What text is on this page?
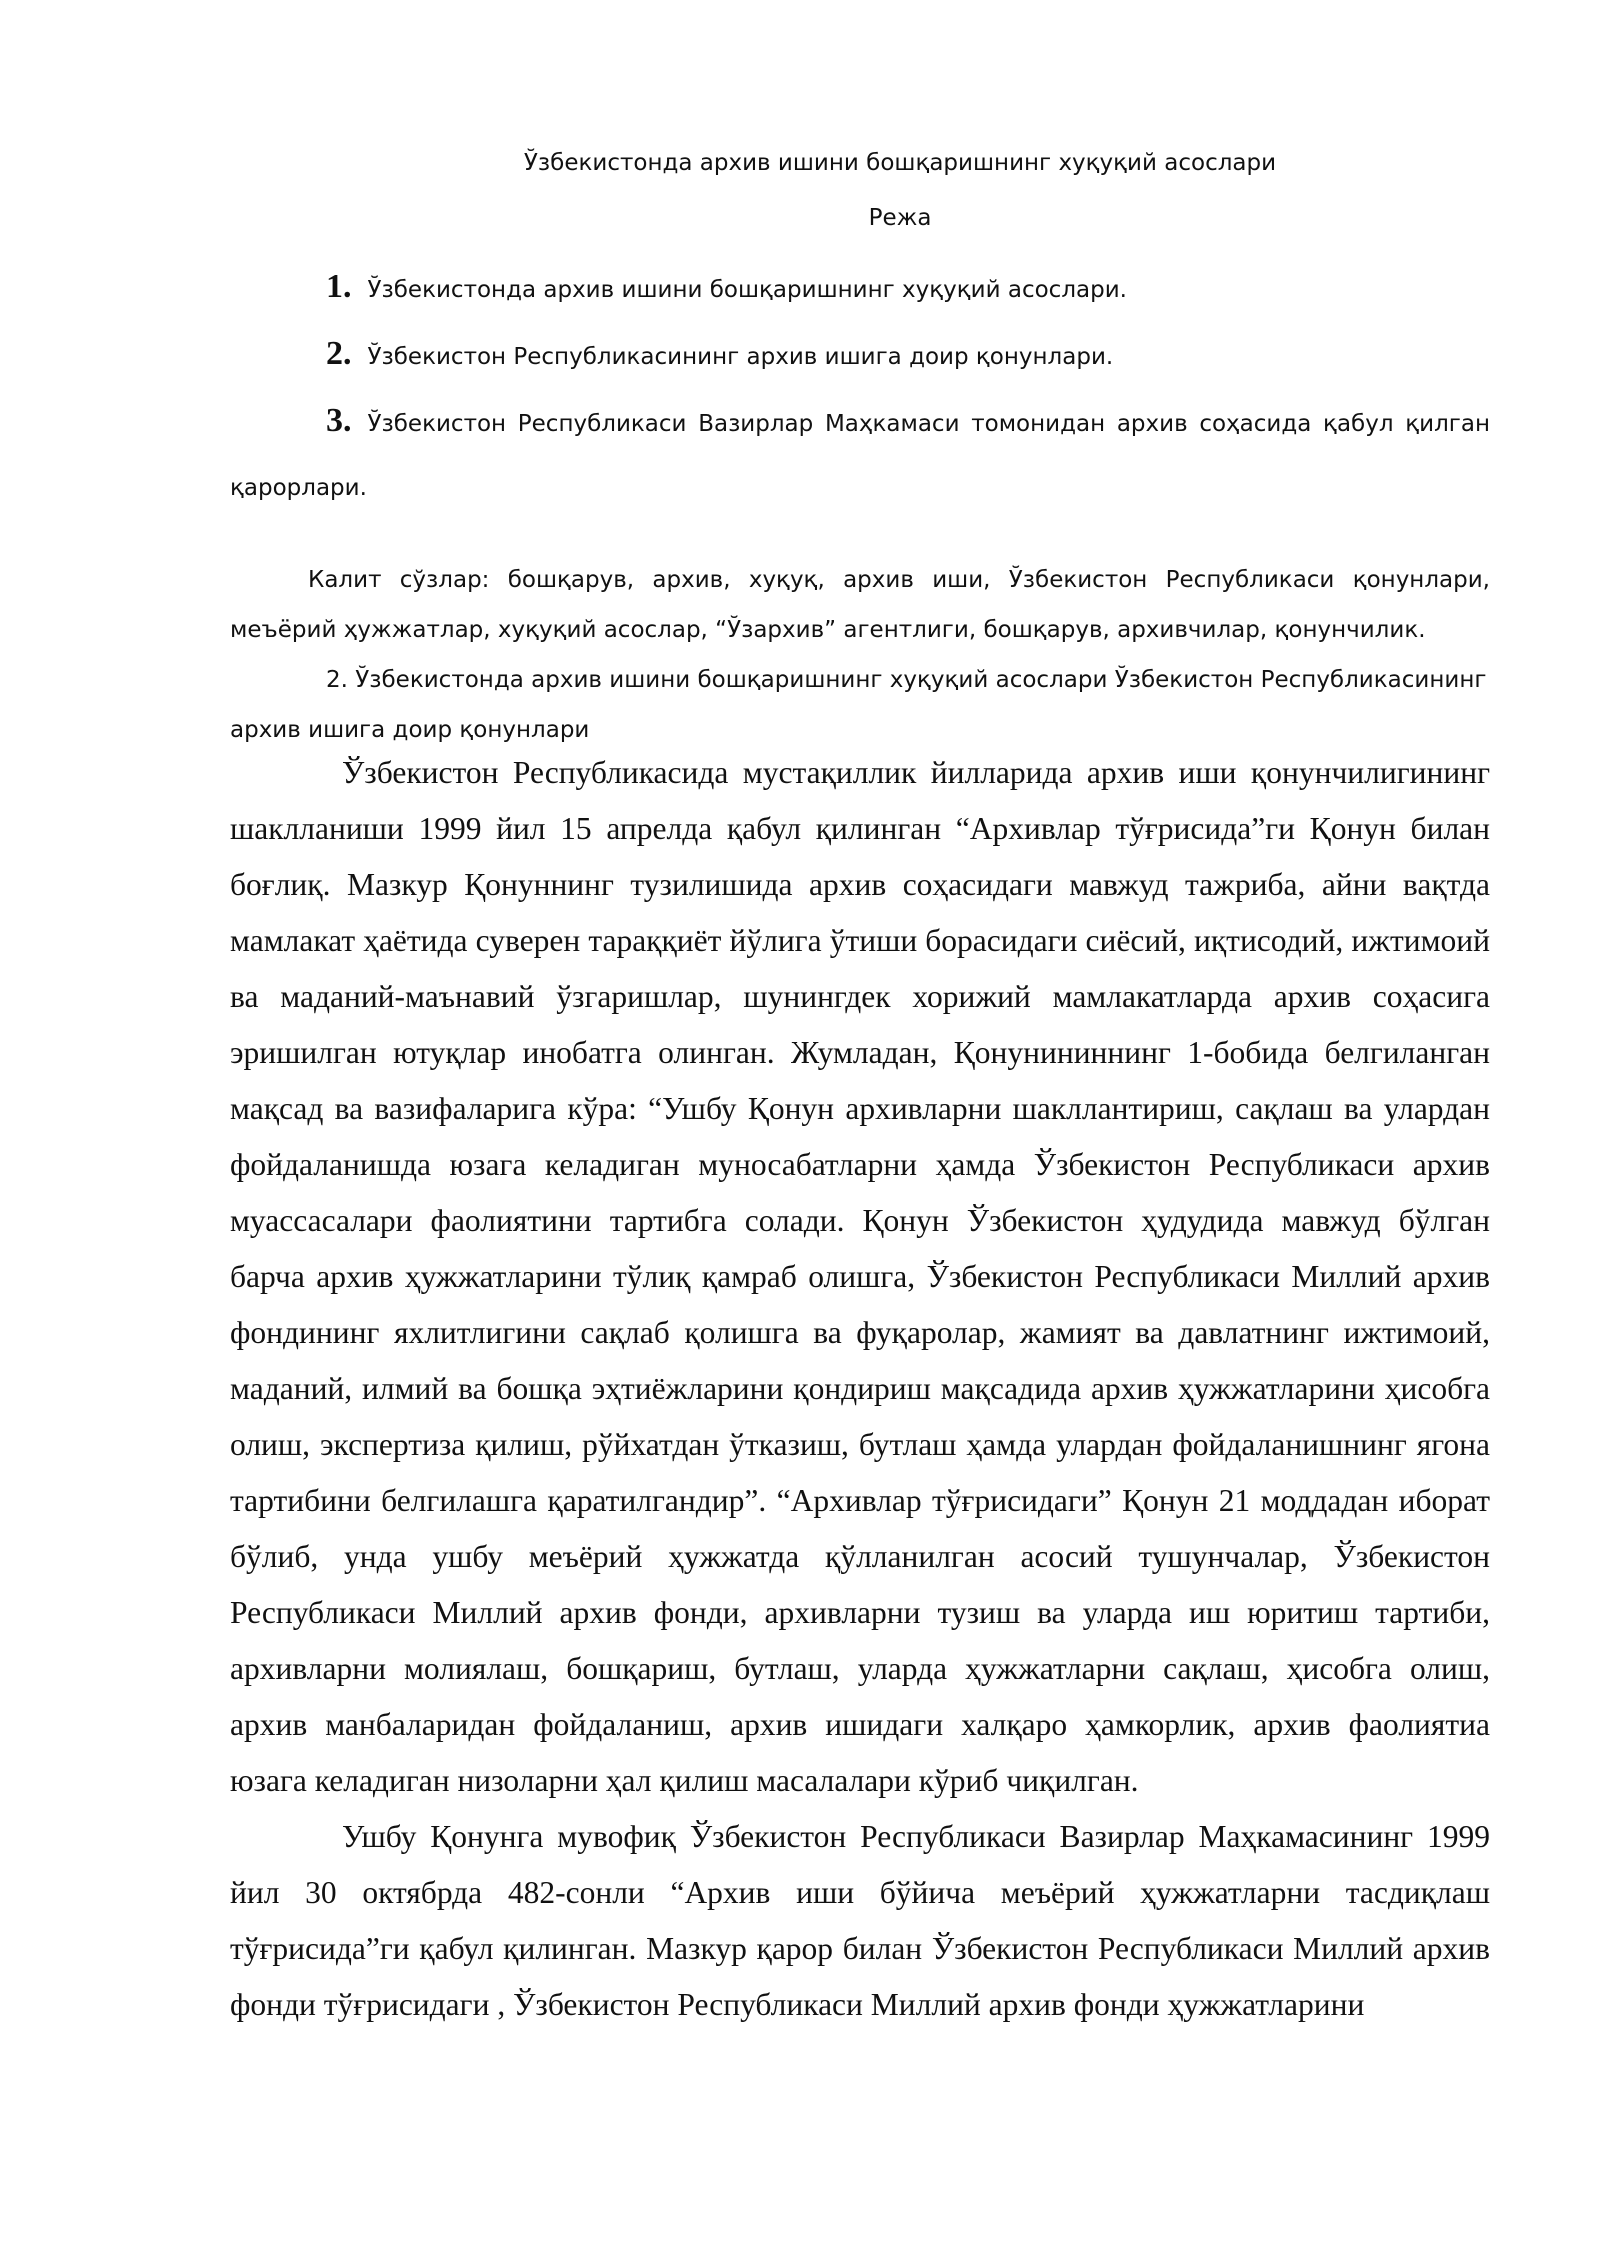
Ўзбекистонда архив ишини бошқаришнинг хуқуқий асослари
Режа
1. Ўзбекистонда архив ишини бошқаришнинг хуқуқий асослари.
2. Ўзбекистон Республикасининг архив ишига доир қонунлари.
3. Ўзбекистон Республикаси Вазирлар Маҳкамаси томонидан архив соҳасида қабул қилган қарорлари.
Калит сўзлар: бошқарув, архив, хуқуқ, архив иши, Ўзбекистон Республикаси қонунлари, меъёрий ҳужжатлар, хуқуқий асослар, “Ўзархив” агентлиги, бошқарув, архивчилар, қонунчилик.
2. Ўзбекистонда архив ишини бошқаришнинг хуқуқий асослари Ўзбекистон Республикасининг архив ишига доир қонунлари

Ўзбекистон Республикасида мустақиллик йилларида архив иши қонунчилигининг шаклланиши 1999 йил 15 апрелда қабул қилинган “Архивлар тўғрисида”ги Қонун билан боғлиқ. Мазкур Қонуннинг тузилишида архив соҳасидаги мавжуд тажриба, айни вақтда мамлакат ҳаётида суверен тараққиёт йўлига ўтиши борасидаги сиёсий, иқтисодий, ижтимоий ва маданий-маънавий ўзгаришлар, шунингдек хорижий мамлакатларда архив соҳасига эришилган ютуқлар инобатга олинган. Жумладан, Қонунининнинг 1-бобида белгиланган мақсад ва вазифаларига кўра: “Ушбу Қонун архивларни шакллантириш, сақлаш ва улардан фойдаланишда юзага келадиган муносабатларни ҳамда Ўзбекистон Республикаси архив муассасалари фаолиятини тартибга солади. Қонун Ўзбекистон ҳудудида мавжуд бўлган барча архив ҳужжатларини тўлиқ қамраб олишга, Ўзбекистон Республикаси Миллий архив фондининг яхлитлигини сақлаб қолишга ва фуқаролар, жамият ва давлатнинг ижтимоий, маданий, илмий ва бошқа эҳтиёжларини қондириш мақсадида архив ҳужжатларини ҳисобга олиш, экспертиза қилиш, рўйхатдан ўтказиш, бутлаш ҳамда улардан фойдаланишнинг ягона тартибини белгилашга қаратилгандир”. “Архивлар тўғрисидаги” Қонун 21 моддадан иборат бўлиб, унда ушбу меъёрий ҳужжатда қўлланилган асосий тушунчалар, Ўзбекистон Республикаси Миллий архив фонди, архивларни тузиш ва уларда иш юритиш тартиби, архивларни молиялаш, бошқариш, бутлаш, уларда ҳужжатларни сақлаш, ҳисобга олиш, архив манбаларидан фойдаланиш, архив ишидаги халқаро ҳамкорлик, архив фаолиятиа юзага келадиган низоларни ҳал қилиш масалалари кўриб чиқилган.

Ушбу Қонунга мувофиқ Ўзбекистон Республикаси Вазирлар Маҳкамасининг 1999 йил 30 октябрда 482-сонли “Архив иши бўйича меъёрий ҳужжатларни тасдиқлаш тўғрисида”ги қабул қилинган. Мазкур қарор билан Ўзбекистон Республикаси Миллий архив фонди тўғрисидаги , Ўзбекистон Республикаси Миллий архив фонди ҳужжатларини
